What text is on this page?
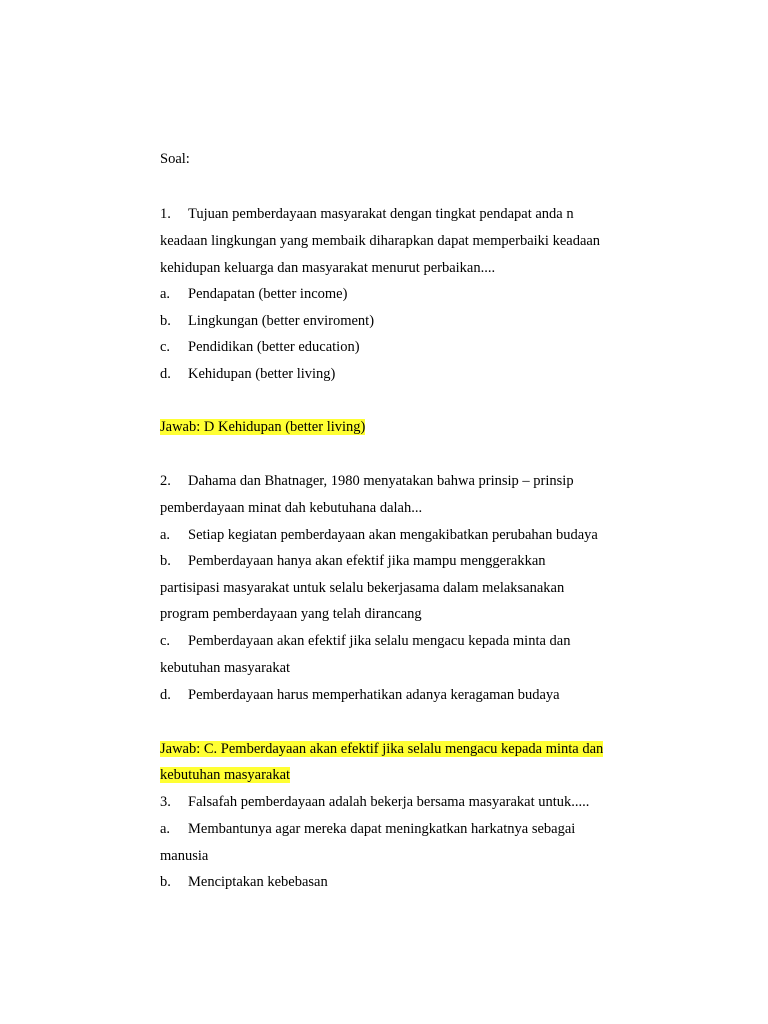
Soal:
1. Tujuan pemberdayaan masyarakat dengan tingkat pendapat anda n
keadaan lingkungan yang membaik diharapkan dapat memperbaiki keadaan
kehidupan keluarga dan masyarakat menurut perbaikan....
a. Pendapatan (better income)
b. Lingkungan (better enviroment)
c. Pendidikan (better education)
d. Kehidupan (better living)
Jawab: D Kehidupan (better living)
2. Dahama dan Bhatnager, 1980 menyatakan bahwa prinsip – prinsip
pemberdayaan minat dah kebutuhana dalah...
a. Setiap kegiatan pemberdayaan akan mengakibatkan perubahan budaya
b. Pemberdayaan hanya akan efektif jika mampu menggerakkan
partisipasi masyarakat untuk selalu bekerjasama dalam melaksanakan
program pemberdayaan yang telah dirancang
c. Pemberdayaan akan efektif jika selalu mengacu kepada minta dan
kebutuhan masyarakat
d. Pemberdayaan harus memperhatikan adanya keragaman budaya
Jawab: C. Pemberdayaan akan efektif jika selalu mengacu kepada minta dan
kebutuhan masyarakat
3. Falsafah pemberdayaan adalah bekerja bersama masyarakat untuk.....
a. Membantunya agar mereka dapat meningkatkan harkatnya sebagai
manusia
b. Menciptakan kebebasan
